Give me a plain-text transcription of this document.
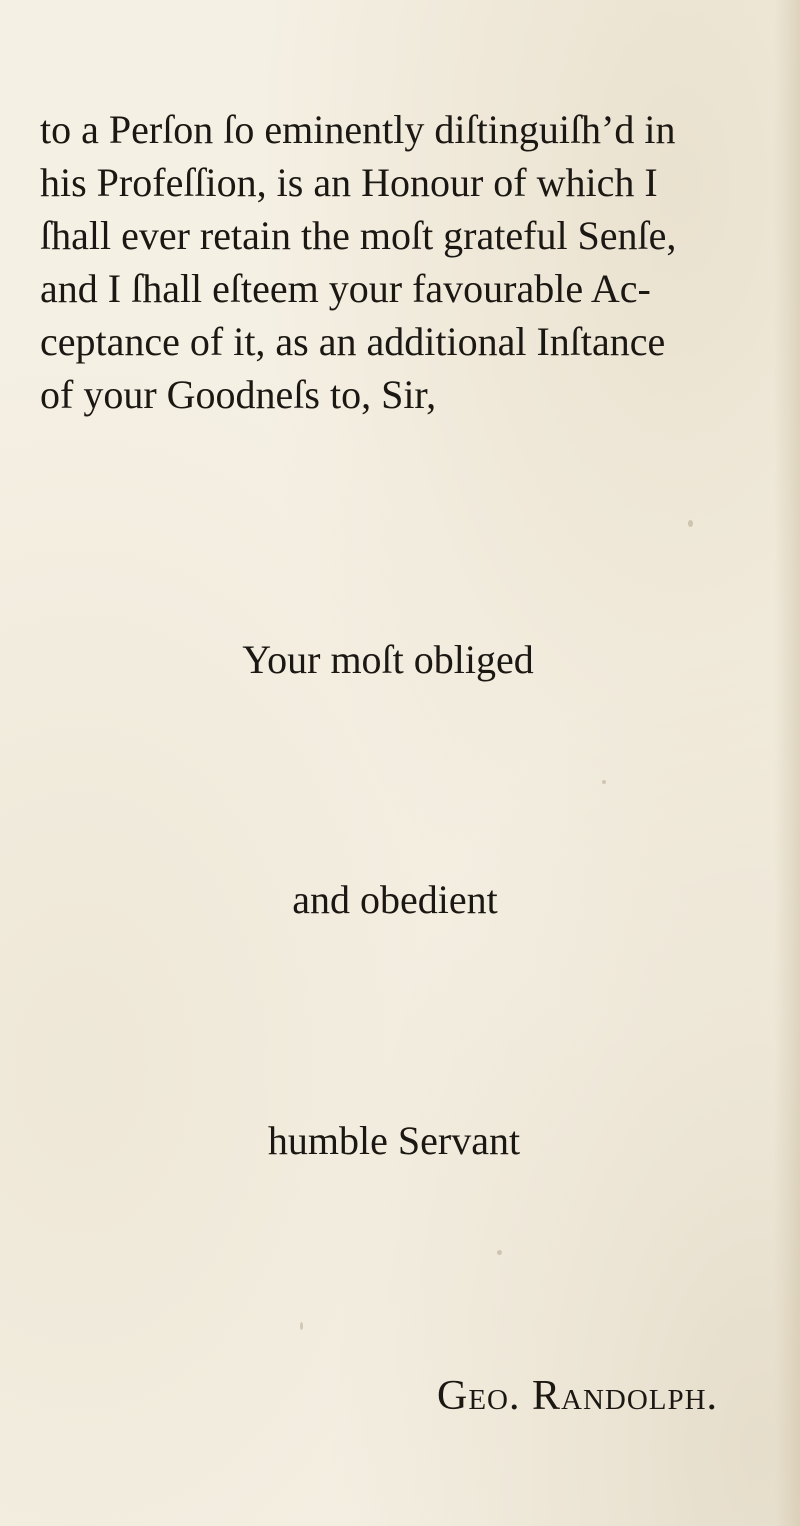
to a Perſon ſo eminently diſtinguiſh’d in
his Profeſſion, is an Honour of which I
ſhall ever retain the moſt grateful Senſe,
and I ſhall eſteem your favourable Ac-
ceptance of it, as an additional Inſtance
of your Goodneſs to, Sir,

Your moſt obliged
and obedient
humble Servant
Geo. Randolph.
